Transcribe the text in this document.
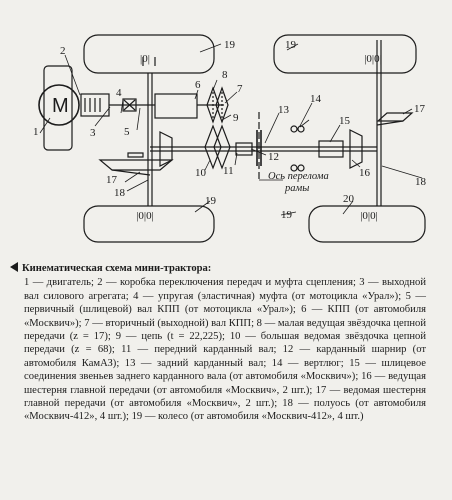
|0|	|0|0|
|0|0|	|0|0|
M
1
2
3
4
5
6	7
8
9
10 11
12
13
14
15
16
17
18
17
18
19	19
19
19
20
Ось перелома
рамы
Кинематическая схема мини-трактора:
1 — двигатель; 2 — коробка переключения передач и муфта сцепления; 3 — выходной вал силового агрегата; 4 — упругая (эластичная) муфта (от мотоцикла «Урал»); 5 — первичный (шлицевой) вал КПП (от мотоцикла «Урал»); 6 — КПП (от автомобиля «Москвич»); 7 — вторичный (выходной) вал КПП; 8 — малая ведущая звёздочка цепной передачи (z = 17); 9 — цепь (t = 22,225); 10 — большая ведомая звёздочка цепной передачи (z = 68); 11 — передний карданный вал; 12 — карданный шарнир (от автомобиля КамАЗ); 13 — задний карданный вал; 14 — вертлюг; 15 — шлицевое соединения звеньев заднего карданного вала (от автомобиля «Москвич»); 16 — ведущая шестерня главной передачи (от автомобиля «Москвич», 2 шт.); 17 — ведомая шестерня главной передачи (от автомобиля «Москвич», 2 шт.); 18 — полуось (от автомобиля «Москвич-412», 4 шт.); 19 — колесо (от автомобиля «Москвич-412», 4 шт.)
